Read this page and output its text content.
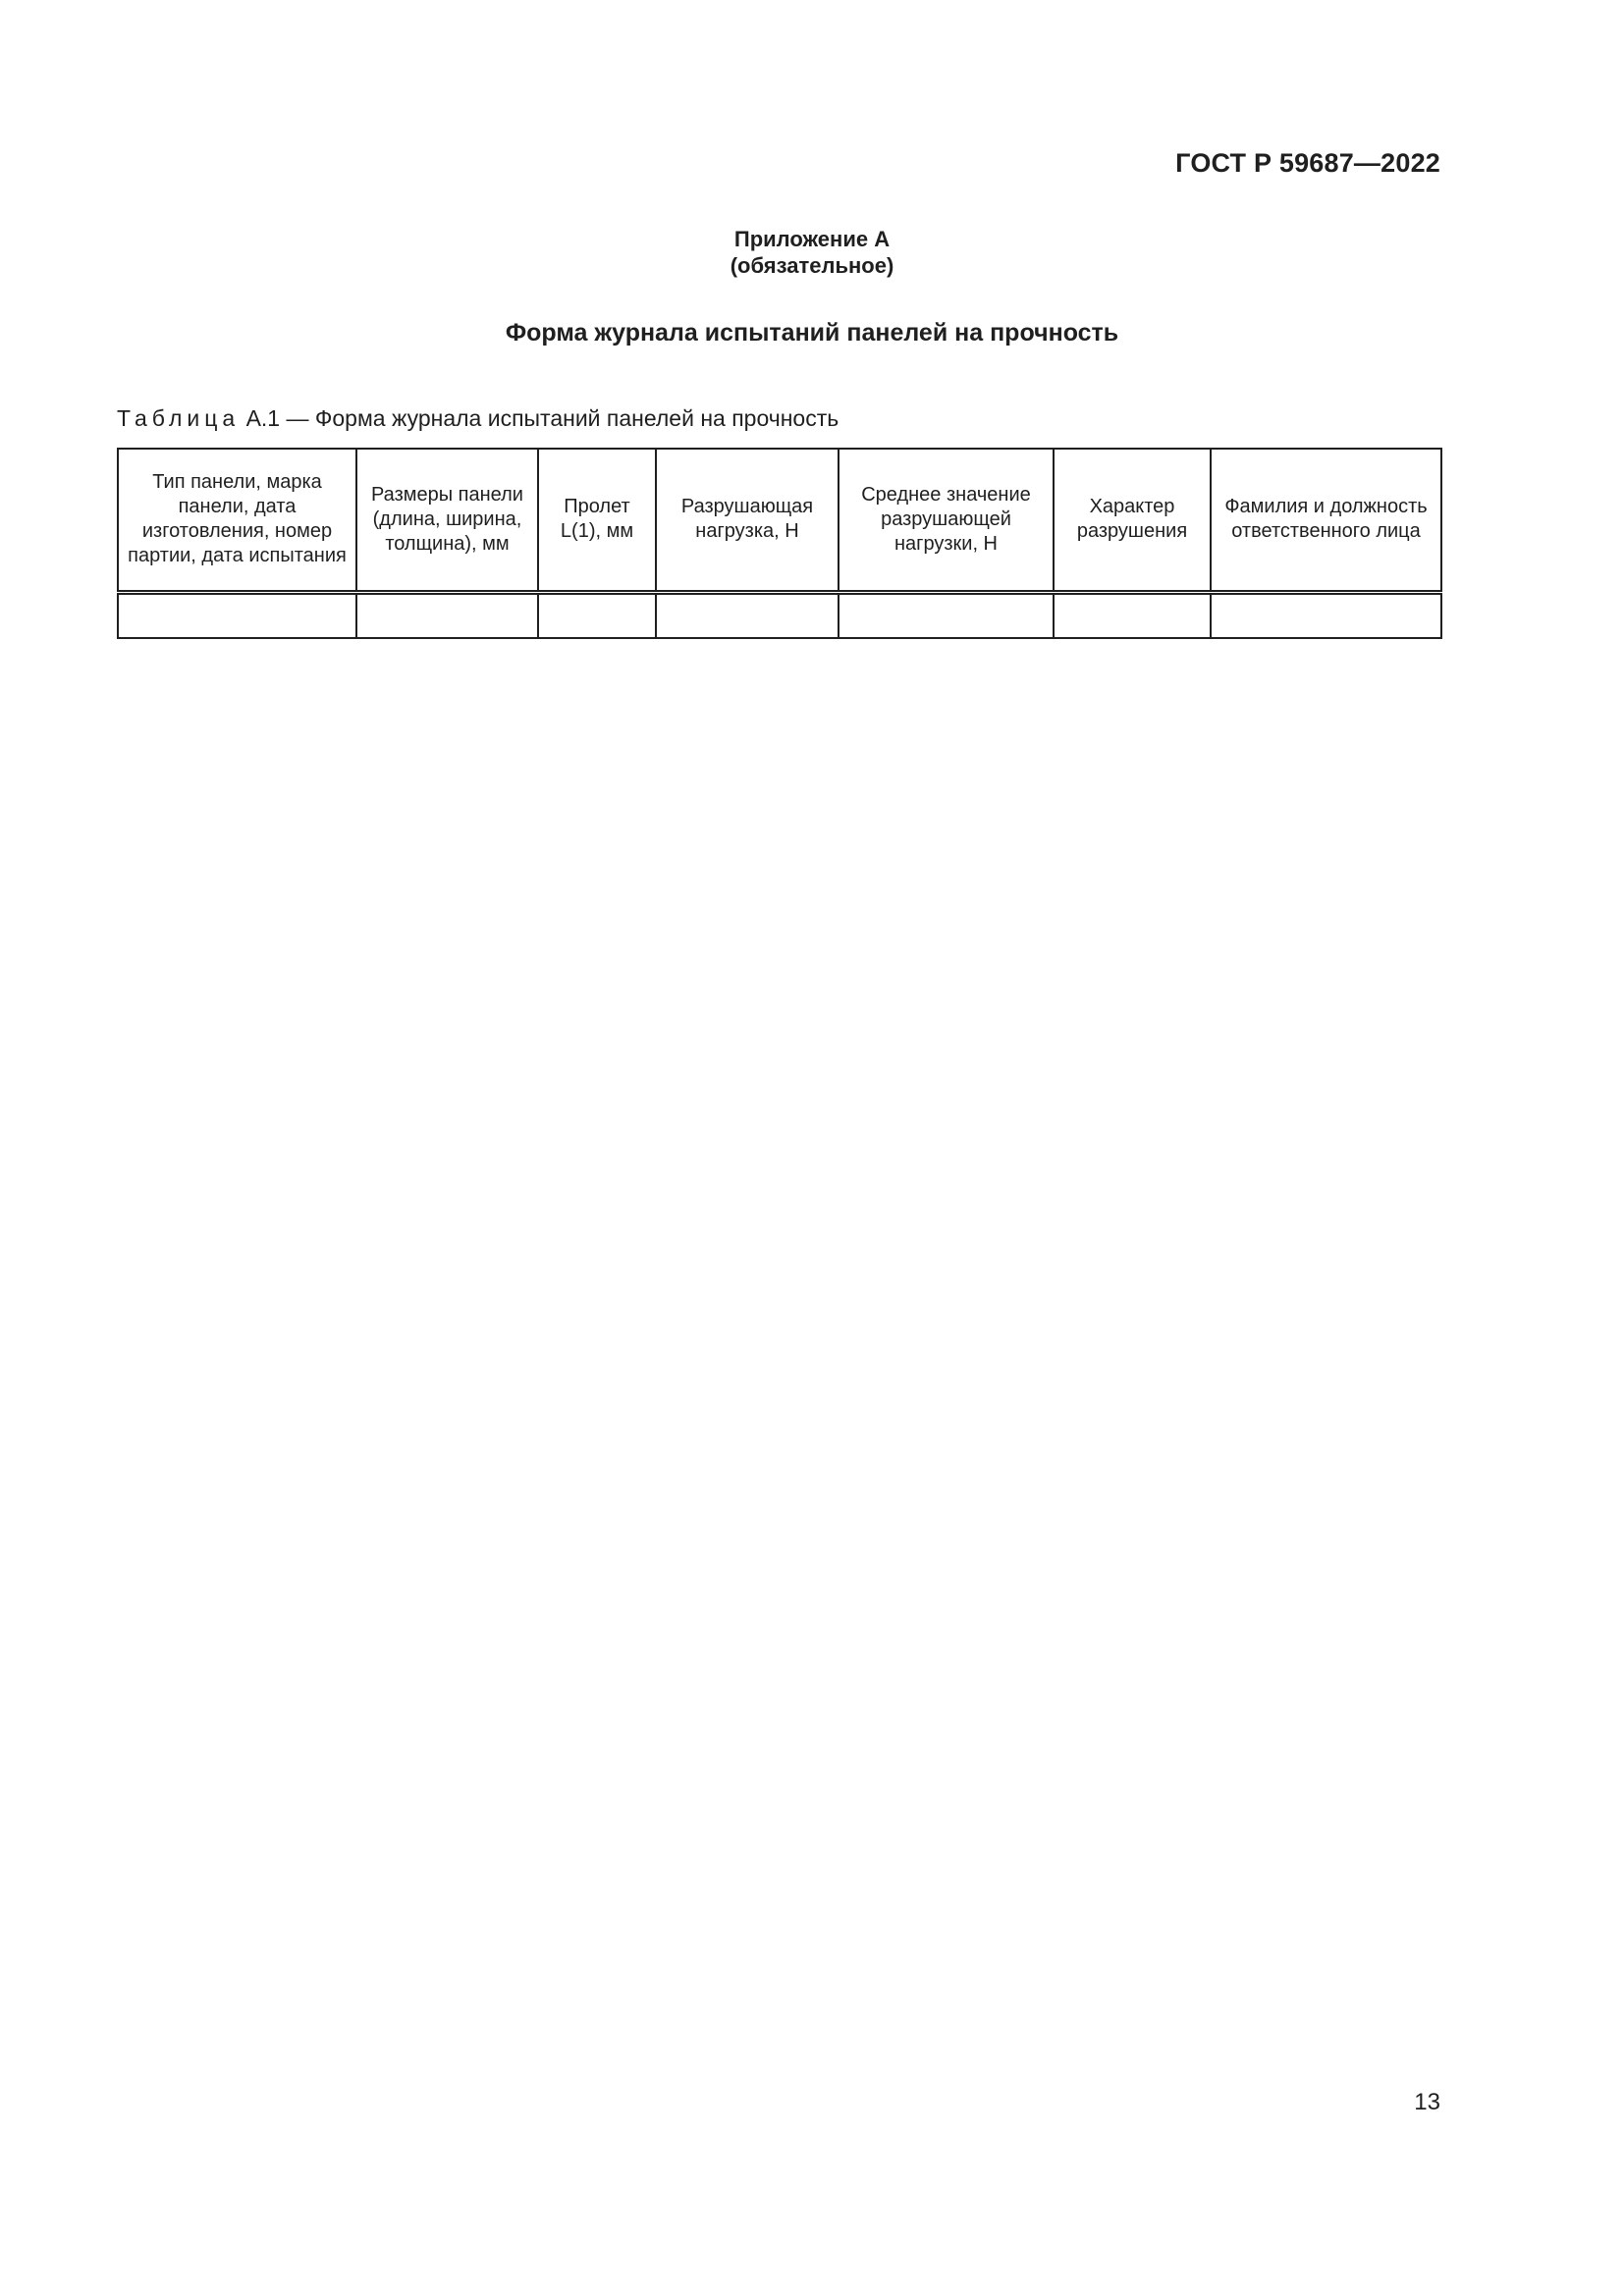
ГОСТ Р 59687—2022
Приложение А
(обязательное)
Форма журнала испытаний панелей на прочность
Таблица А.1 — Форма журнала испытаний панелей на прочность
Тип панели, марка панели, дата изготовления, номер партии, дата испытания	Размеры панели (длина, ширина, толщина), мм	Пролет L(1), мм	Разрушающая нагрузка, Н	Среднее значение разрушающей нагрузки, Н	Характер разрушения	Фамилия и должность ответственного лица

13
